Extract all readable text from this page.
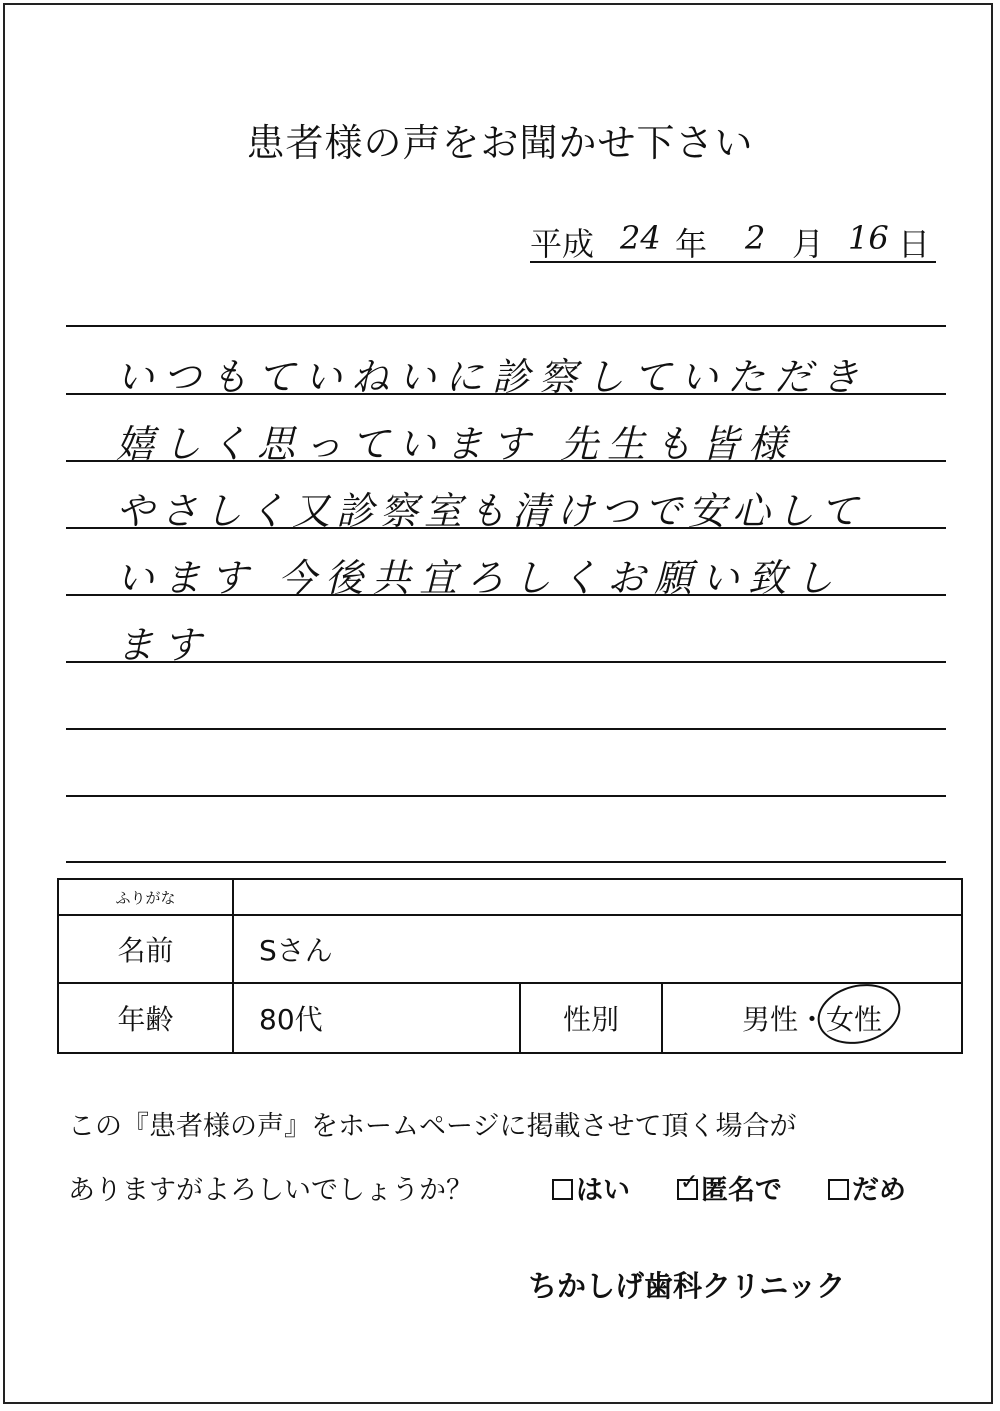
患者様の声をお聞かせ下さい
平成 24 年 2 月 16 日
いつもていねいに診察していただき
嬉しく思っています 先生も皆様
やさしく又診察室も清けつで安心して
います 今後共宜ろしくお願い致し
ます
ふりがな
名前	Sさん
年齢	80代	性別	男性 ・ 女性
この『患者様の声』をホームページに掲載させて頂く場合が
ありますがよろしいでしょうか？	はい ✓ 匿名で	だめ
ちかしげ歯科クリニック
